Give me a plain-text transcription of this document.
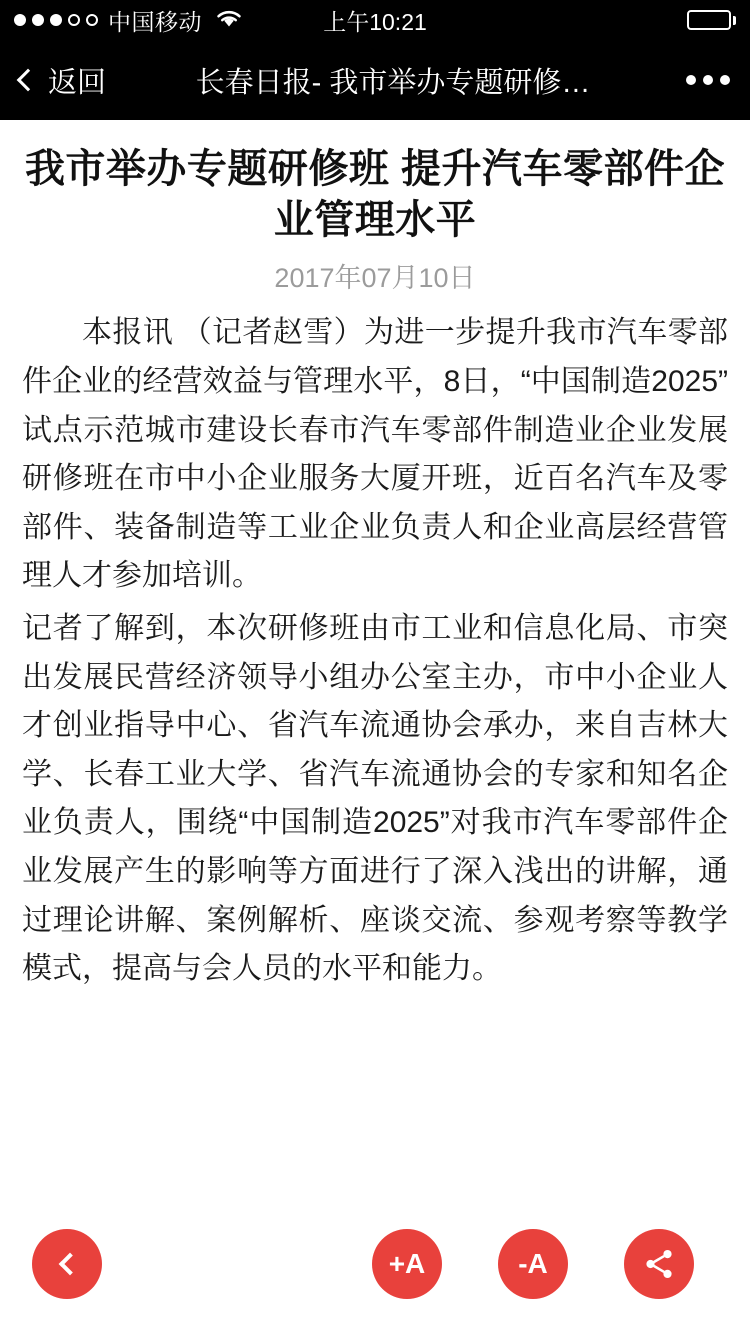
中国移动	上午10:21
返回	长春日报- 我市举办专题研修…
我市举办专题研修班 提升汽车零部件企业管理水平
2017年07月10日

本报讯 （记者赵雪）为进一步提升我市汽车零部件企业的经营效益与管理水平，8日，“中国制造2025”试点示范城市建设长春市汽车零部件制造业企业发展研修班在市中小企业服务大厦开班，近百名汽车及零部件、装备制造等工业企业负责人和企业高层经营管理人才参加培训。

记者了解到，本次研修班由市工业和信息化局、市突出发展民营经济领导小组办公室主办，市中小企业人才创业指导中心、省汽车流通协会承办，来自吉林大学、长春工业大学、省汽车流通协会的专家和知名企业负责人，围绕“中国制造2025”对我市汽车零部件企业发展产生的影响等方面进行了深入浅出的讲解，通过理论讲解、案例解析、座谈交流、参观考察等教学模式，提高与会人员的水平和能力。

+A	-A
